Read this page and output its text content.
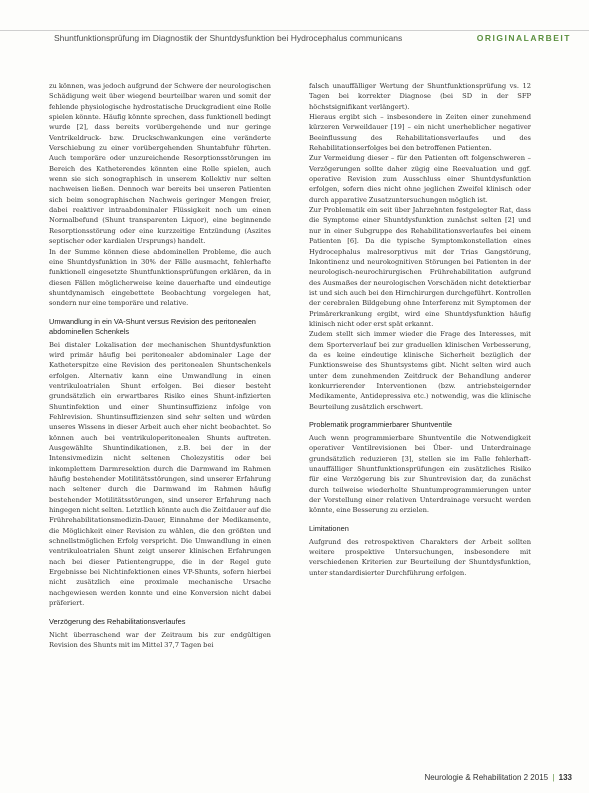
Shuntfunktionsprüfung im Diagnostik der Shuntdysfunktion bei Hydrocephalus communicans	ORIGINALARBEIT

zu können, was jedoch aufgrund der Schwere der neurologischen Schädigung weit über wiegend beurteilbar waren und somit der fehlende physiologische hydrostatische Druckgradient eine Rolle spielen könnte. Häufig könnte sprechen, dass funktionell bedingt wurde [2], dass bereits vorübergehende und nur geringe Ventrikeldruck- bzw. Druckschwankungen eine veränderte Verschiebung zu einer vorübergehenden Shuntabfuhr führten. Auch temporäre oder unzureichende Resorptionsstörungen im Bereich des Katheterendes könnten eine Rolle spielen, auch wenn sie sich sonographisch in unserem Kollektiv nur selten nachweisen ließen. Dennoch war bereits bei unseren Patienten sich beim sonographischen Nachweis geringer Mengen freier, dabei reaktiver intraabdominaler Flüssigkeit noch um einen Normalbefund (Shunt transparenten Liquor), eine beginnende Resorptionsstörung oder eine kurzzeitige Entzündung (Aszites septischer oder kardialen Ursprungs) handelt.

In der Summe können diese abdominellen Probleme, die auch eine Shuntdysfunktion in 30% der Fälle ausmacht, fehlerhafte funktionell eingesetzte Shuntfunktionsprüfungen erklären, da in diesen Fällen möglicherweise keine dauerhafte und eindeutige shuntdynamisch eingebettete Beobachtung vorgelegen hat, sondern nur eine temporäre und relative.

Umwandlung in ein VA-Shunt versus Revision des peritonealen abdominellen Schenkels

Bei distaler Lokalisation der mechanischen Shuntdysfunktion wird primär häufig bei peritonealer abdominaler Lage der Katheterspitze eine Revision des peritonealen Shuntschenkels erfolgen. Alternativ kann eine Umwandlung in einen ventrikuloatrialen Shunt erfolgen. Bei dieser besteht grundsätzlich ein erwartbares Risiko eines Shunt-infizierten Shuntinfektion und einer Shuntinsuffizienz infolge von Fehlrevision. Shuntinsuffizienzen sind sehr selten und würden unseres Wissens in dieser Arbeit auch eher nicht beobachtet. So können auch bei ventrikuloperitonealen Shunts auftreten. Ausgewählte Shuntindikationen, z.B. bei der in der Intensivmedizin nicht seltenen Cholezystitis oder bei inkomplettem Darmresektion durch die Darmwand im Rahmen häufig bestehender Motilitätsstörungen, sind unserer Erfahrung nach seltener durch die Darmwand im Rahmen häufig bestehender Motilitätsstörungen, sind unserer Erfahrung nach hingegen nicht selten. Letztlich könnte auch die Zeitdauer auf die Frührehabilitationsmedizin-Dauer, Einnahme der Medikamente, die Möglichkeit einer Revision zu wählen, die den größten und schnellstmöglichen Erfolg verspricht. Die Umwandlung in einen ventrikuloatrialen Shunt zeigt unserer klinischen Erfahrungen nach bei dieser Patientengruppe, die in der Regel gute Ergebnisse bei Nichtinfektionen eines VP-Shunts, sofern hierbei nicht zusätzlich eine proximale mechanische Ursache nachgewiesen werden konnte und eine Konversion nicht dabei präferiert.

Verzögerung des Rehabilitationsverlaufes

Nicht überraschend war der Zeitraum bis zur endgültigen Revision des Shunts mit im Mittel 37,7 Tagen bei

falsch unauffälliger Wertung der Shuntfunktionsprüfung vs. 12 Tagen bei korrekter Diagnose (bei SD in der SFP höchstsignifikant verlängert).

Hieraus ergibt sich – insbesondere in Zeiten einer zunehmend kürzeren Verweildauer [19] – ein nicht unerheblicher negativer Beeinflussung des Rehabilitationsverlaufes und des Rehabilitationserfolges bei den betroffenen Patienten.

Zur Vermeidung dieser – für den Patienten oft folgenschweren – Verzögerungen sollte daher zügig eine Reevaluation und ggf. operative Revision zum Ausschluss einer Shuntdysfunktion erfolgen, sofern dies nicht ohne jeglichen Zweifel klinisch oder durch apparative Zusatzuntersuchungen möglich ist.

Zur Problematik ein seit über Jahrzehnten festgelegter Rat, dass die Symptome einer Shuntdysfunktion zunächst selten [2] und nur in einer Subgruppe des Rehabilitationsverlaufes bei einem Patienten [6]. Da die typische Symptomkonstellation eines Hydrocephalus malresorptivus mit der Trias Gangstörung, Inkontinenz und neurokognitiven Störungen bei Patienten in der neurologisch-neurochirurgischen Frührehabilitation aufgrund des Ausmaßes der neurologischen Vorschäden nicht detektierbar ist und sich auch bei den Hirnchirurgen durchgeführt. Kontrollen der cerebralen Bildgebung ohne Interferenz mit Symptomen der Primärerkrankung ergibt, wird eine Shuntdysfunktion häufig klinisch nicht oder erst spät erkannt.

Zudem stellt sich immer wieder die Frage des Interesses, mit dem Sporterverlauf bei zur graduellen klinischen Verbesserung, da es keine eindeutige klinische Sicherheit bezüglich der Funktionsweise des Shuntsystems gibt. Nicht selten wird auch unter dem zunehmenden Zeitdruck der Behandlung anderer konkurrierender Interventionen (bzw. antriebsteigernder Medikamente, Antidepressiva etc.) notwendig, was die klinische Beurteilung zusätzlich erschwert.

Problematik programmierbarer Shuntventile

Auch wenn programmierbare Shuntventile die Notwendigkeit operativer Ventilrevisionen bei Über- und Unterdrainage grundsätzlich reduzieren [3], stellen sie im Falle fehlerhaft-unauffälliger Shuntfunktionsprüfungen ein zusätzliches Risiko für eine Verzögerung bis zur Shuntrevision dar, da zunächst durch teilweise wiederholte Shuntumprogrammierungen unter der Vorstellung einer relativen Unterdrainage versucht werden könnte, eine Besserung zu erzielen.

Limitationen

Aufgrund des retrospektiven Charakters der Arbeit sollten weitere prospektive Untersuchungen, insbesondere mit verschiedenen Kriterien zur Beurteilung der Shuntdysfunktion, unter standardisierter Durchführung erfolgen.

Neurologie & Rehabilitation 2 2015 | 133
